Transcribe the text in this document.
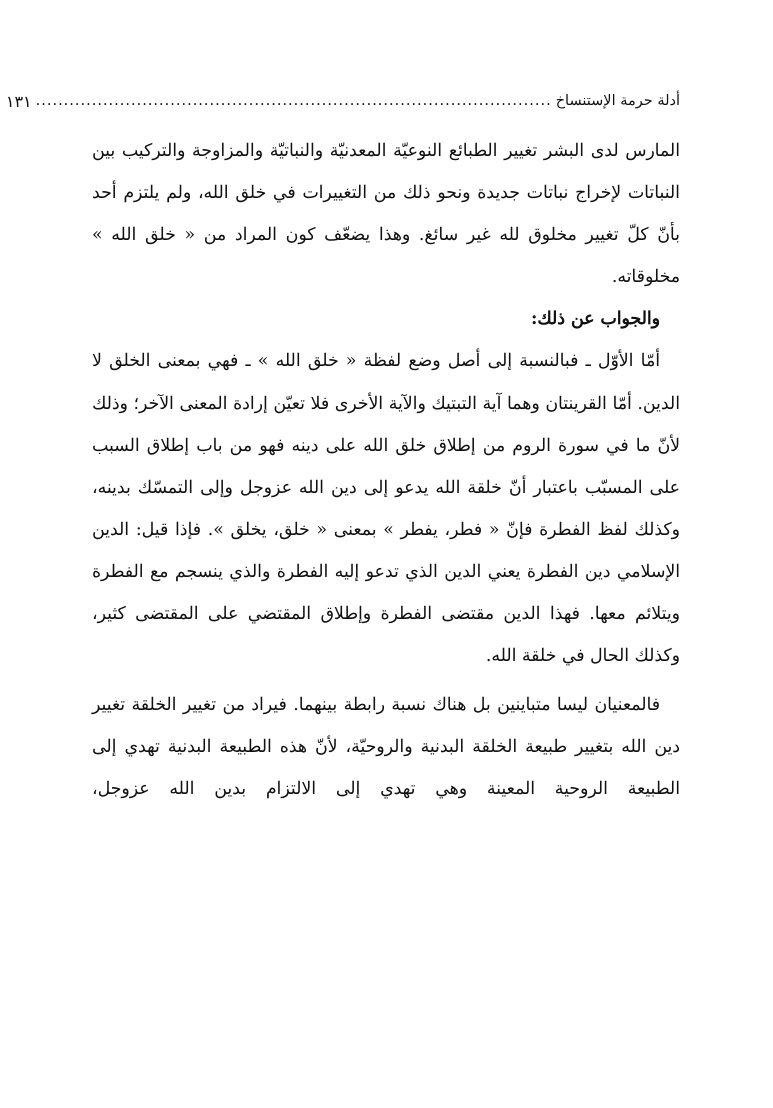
أدلة حرمة الإستنساخ
............................................................................................
١٣١

المارس لدى البشر تغيير الطبائع النوعيّة المعدنيّة والنباتيّة والمزاوجة والتركيب بين النباتات لإخراج نباتات جديدة ونحو ذلك من التغييرات في خلق الله، ولم يلتزم أحد بأنّ كلّ تغيير مخلوق لله غير سائغ. وهذا يضعّف كون المراد من « خلق الله » مخلوقاته.

والجواب عن ذلك:

أمّا الأوّل ـ فبالنسبة إلى أصل وضع لفظة « خلق الله » ـ فهي بمعنى الخلق لا الدين. أمّا القرينتان وهما آية التبتيك والآية الأخرى فلا تعيّن إرادة المعنى الآخر؛ وذلك لأنّ ما في سورة الروم من إطلاق خلق الله على دينه فهو من باب إطلاق السبب على المسبّب باعتبار أنّ خلقة الله يدعو إلى دين الله عزوجل وإلى التمسّك بدينه، وكذلك لفظ الفطرة فإنّ « فطر، يفطر » بمعنى « خلق، يخلق ». فإذا قيل: الدين الإسلامي دين الفطرة يعني الدين الذي تدعو إليه الفطرة والذي ينسجم مع الفطرة ويتلائم معها. فهذا الدين مقتضى الفطرة وإطلاق المقتضي على المقتضى كثير، وكذلك الحال في خلقة الله.

فالمعنيان ليسا متباينين بل هناك نسبة رابطة بينهما. فيراد من تغيير الخلقة تغيير دين الله بتغيير طبيعة الخلقة البدنية والروحيّة، لأنّ هذه الطبيعة البدنية تهدي إلى الطبيعة الروحية المعينة وهي تهدي إلى الالتزام بدين الله عزوجل،
